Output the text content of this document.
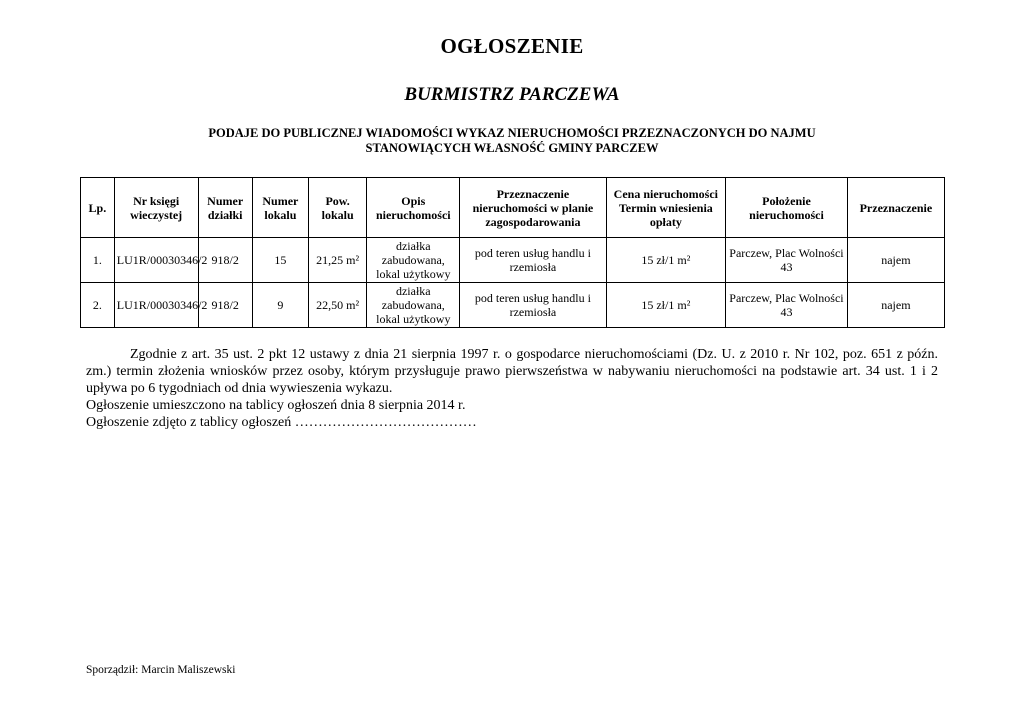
OGŁOSZENIE
BURMISTRZ PARCZEWA
PODAJE DO PUBLICZNEJ WIADOMOŚCI WYKAZ NIERUCHOMOŚCI PRZEZNACZONYCH DO NAJMU
STANOWIĄCYCH WŁASNOŚĆ GMINY PARCZEW
Lp.	Nr księgi wieczystej	Numer działki	Numer lokalu	Pow. lokalu	Opis nieruchomości	Przeznaczenie nieruchomości w planie zagospodarowania	Cena nieruchomości Termin wniesienia opłaty	Położenie nieruchomości	Przeznaczenie
1.	LU1R/00030346/2	918/2	15	21,25 m²	działka zabudowana, lokal użytkowy	pod teren usług handlu i rzemiosła	15 zł/1 m²	Parczew, Plac Wolności 43	najem
2.	LU1R/00030346/2	918/2	9	22,50 m²	działka zabudowana, lokal użytkowy	pod teren usług handlu i rzemiosła	15 zł/1 m²	Parczew, Plac Wolności 43	najem

Zgodnie z art. 35 ust. 2 pkt 12 ustawy z dnia 21 sierpnia 1997 r. o gospodarce nieruchomościami (Dz. U. z 2010 r. Nr 102, poz. 651 z późn. zm.) termin złożenia wniosków przez osoby, którym przysługuje prawo pierwszeństwa w nabywaniu nieruchomości na podstawie art. 34 ust. 1 i 2 upływa po 6 tygodniach od dnia wywieszenia wykazu.

Ogłoszenie umieszczono na tablicy ogłoszeń dnia 8 sierpnia 2014 r.

Ogłoszenie zdjęto z tablicy ogłoszeń …………………………………

Sporządził: Marcin Maliszewski
